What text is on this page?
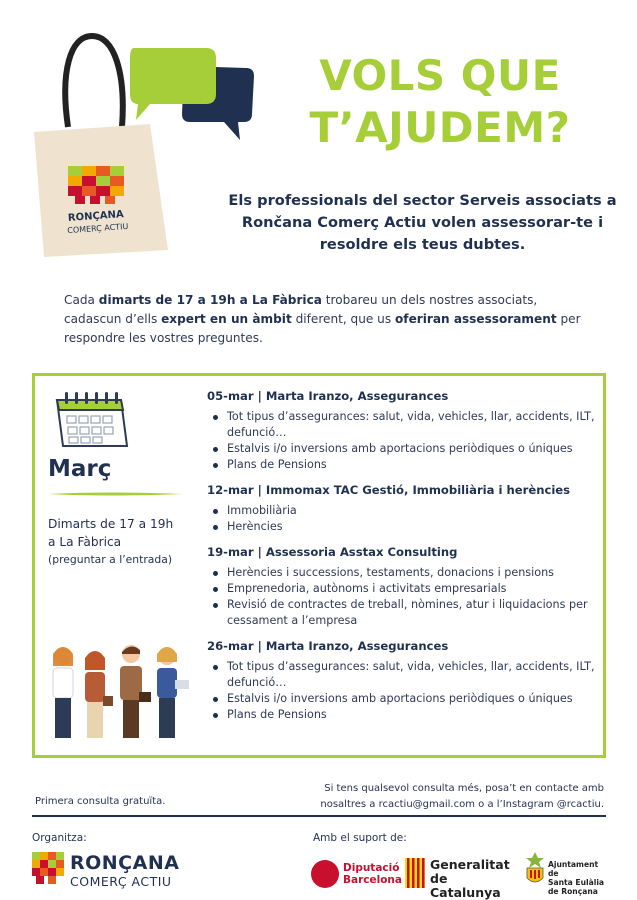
RONÇANA
COMERÇ ACTIU
VOLS QUE
T’AJUDEM?
Els professionals del sector Serveis associats a Rončana Comerç Actiu volen assessorar-te i resoldre els teus dubtes.

Cada dimarts de 17 a 19h a La Fàbrica trobareu un dels nostres associats, cadascun d’ells expert en un àmbit diferent, que us oferiran assessorament per respondre les vostres preguntes.

Març
Dimarts de 17 a 19h
a La Fàbrica
(preguntar a l’entrada)
05-mar | Marta Iranzo, Assegurances
Tot tipus d’assegurances: salut, vida, vehicles, llar, accidents, ILT, defunció…
Estalvis i/o inversions amb aportacions periòdiques o úniques
Plans de Pensions
12-mar | Immomax TAC Gestió, Immobiliària i herències
Immobiliària
Herències
19-mar | Assessoria Asstax Consulting
Herències i successions, testaments, donacions i pensions
Emprenedoria, autònoms i activitats empresarials
Revisió de contractes de treball, nòmines, atur i liquidacions per cessament a l’empresa
26-mar | Marta Iranzo, Assegurances
Tot tipus d’assegurances: salut, vida, vehicles, llar, accidents, ILT, defunció…
Estalvis i/o inversions amb aportacions periòdiques o úniques
Plans de Pensions
Primera consulta gratuïta.
Si tens qualsevol consulta més, posa’t en contacte amb
nosaltres a rcactiu@gmail.com o a l’Instagram @rcactiu.
Organitza:	Amb el suport de:
RONÇANA
COMERÇ ACTIU
Diputació
Barcelona
Generalitat
de Catalunya
Ajuntament de
Santa Eulàlia
de Ronçana
